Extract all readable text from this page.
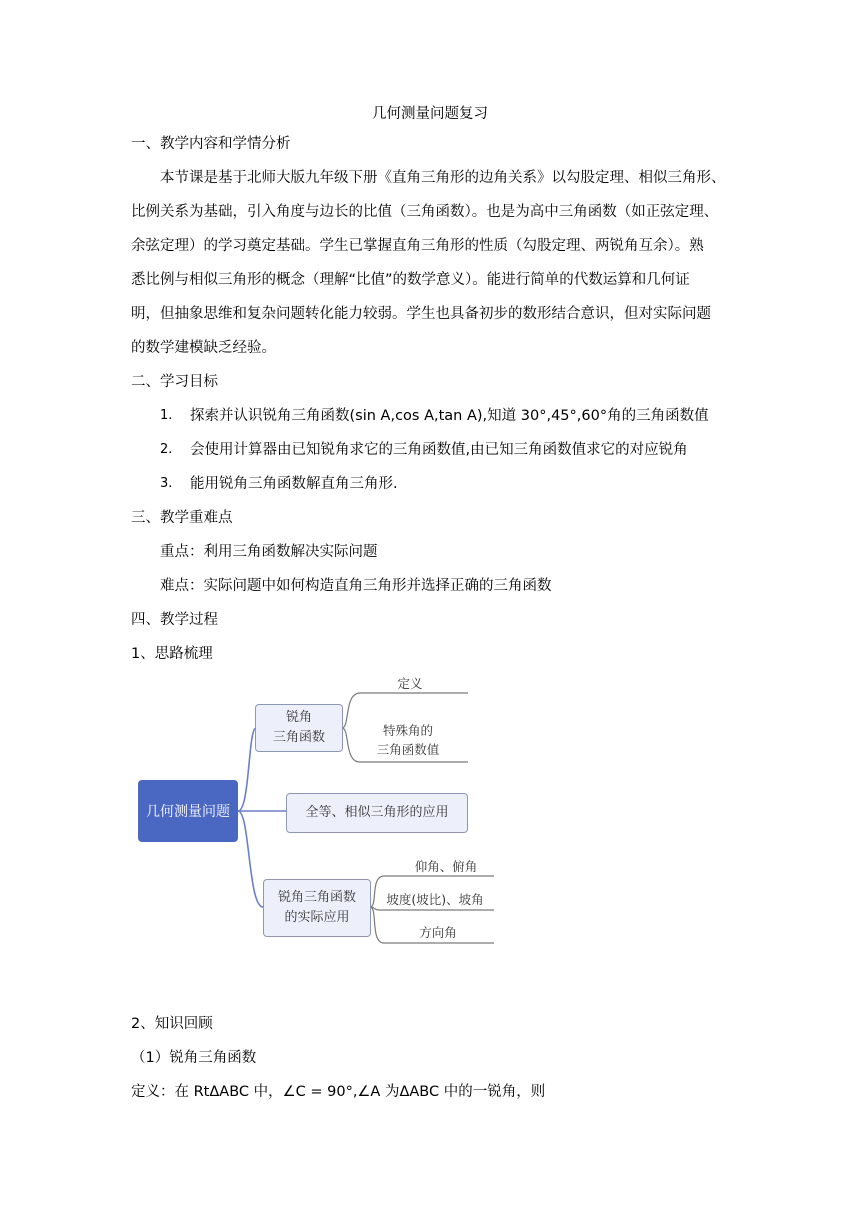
几何测量问题复习
一、教学内容和学情分析
本节课是基于北师大版九年级下册《直角三角形的边角关系》以勾股定理、相似三角形、
比例关系为基础，引入角度与边长的比值（三角函数）。也是为高中三角函数（如正弦定理、
余弦定理）的学习奠定基础。学生已掌握直角三角形的性质（勾股定理、两锐角互余）。熟
悉比例与相似三角形的概念（理解“比值”的数学意义）。能进行简单的代数运算和几何证
明，但抽象思维和复杂问题转化能力较弱。学生也具备初步的数形结合意识，但对实际问题
的数学建模缺乏经验。
二、学习目标
1. 探索并认识锐角三角函数(sin A,cos A,tan A),知道 30°,45°,60°角的三角函数值
2. 会使用计算器由已知锐角求它的三角函数值,由已知三角函数值求它的对应锐角
3. 能用锐角三角函数解直角三角形.
三、教学重难点
重点：利用三角函数解决实际问题
难点：实际问题中如何构造直角三角形并选择正确的三角函数
四、教学过程
1、思路梳理
几何测量问题
锐角
三角函数
定义
特殊角的
三角函数值
全等、相似三角形的应用
锐角三角函数
的实际应用
仰角、俯角
坡度(坡比)、坡角
方向角
2、知识回顾
（1）锐角三角函数
定义：在 RtΔABC 中，∠C = 90°,∠A 为ΔABC 中的一锐角，则
